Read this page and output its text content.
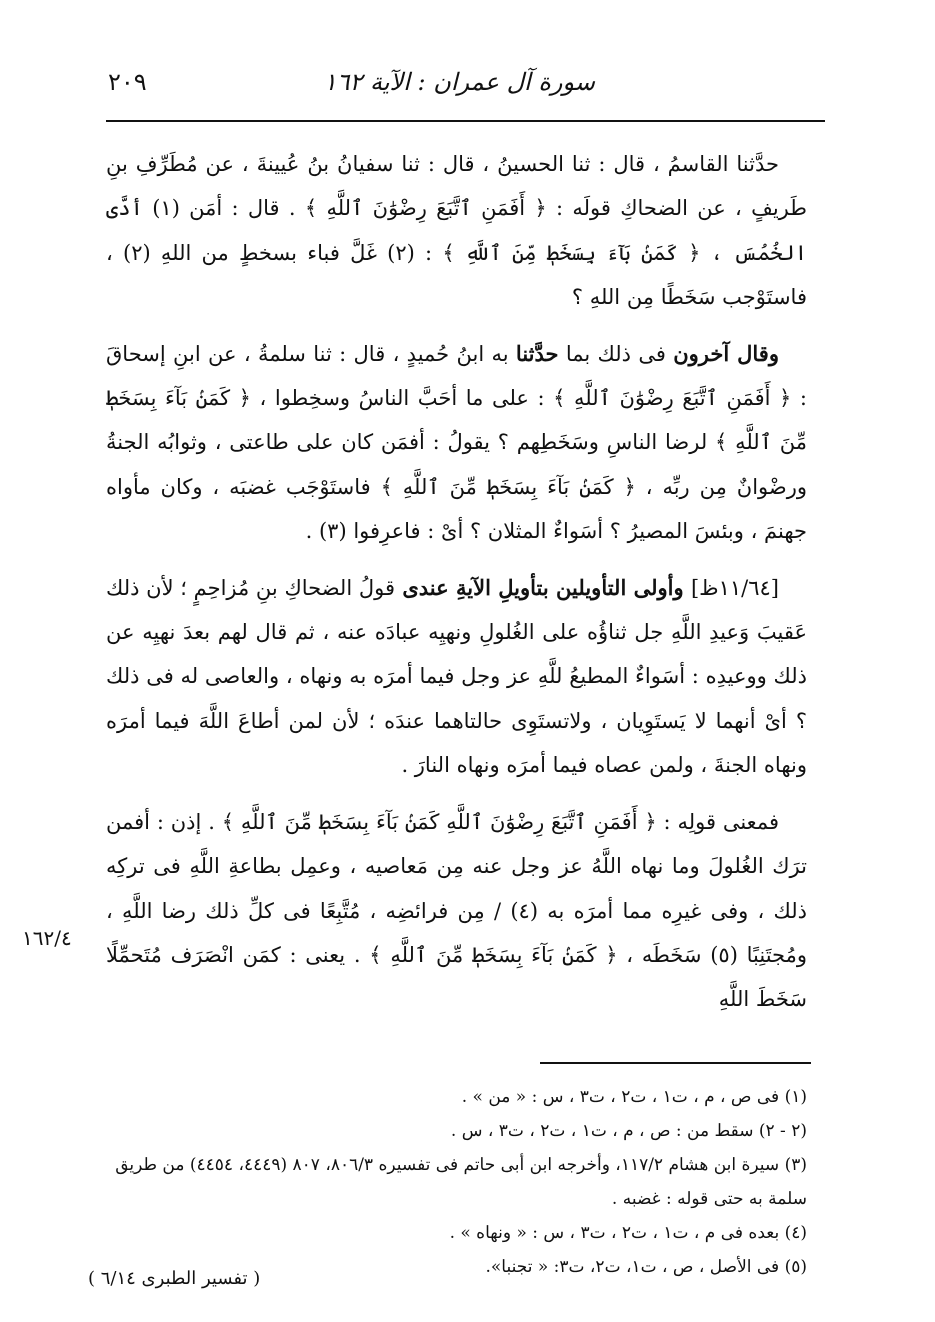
٢٠٩	سورة آل عمران : الآية ١٦٢

حدَّثنا القاسمُ ، قال : ثنا الحسينُ ، قال : ثنا سفيانُ بنُ عُيينةَ ، عن مُطَرِّفِ بنِ طَريفٍ ، عن الضحاكِ قولَه : ﴿ أَفَمَنِ ٱتَّبَعَ رِضْوَٰنَ ٱللَّهِ ﴾ . قال : أمَن (١) أدَّى الخُمُسَ ، ﴿ كَمَنۢ بَآءَ بِسَخَطٖ مِّنَ ٱللَّهِ ﴾ : (٢) غَلَّ فباء بسخطٍ من اللهِ (٢) ، فاستَوْجب سَخَطًا مِن اللهِ ؟

وقال آخرون فى ذلك بما حدَّثنا به ابنُ حُميدٍ ، قال : ثنا سلمةُ ، عن ابنِ إسحاقَ : ﴿ أَفَمَنِ ٱتَّبَعَ رِضْوَٰنَ ٱللَّهِ ﴾ : على ما أحَبَّ الناسُ وسخِطوا ، ﴿ كَمَنۢ بَآءَ بِسَخَطٖ مِّنَ ٱللَّهِ ﴾ لرضا الناسِ وسَخَطِهم ؟ يقولُ : أفمَن كان على طاعتى ، وثوابُه الجنةُ ورضْوانٌ مِن ربِّه ، ﴿ كَمَنۢ بَآءَ بِسَخَطٖ مِّنَ ٱللَّهِ ﴾ فاستَوْجَب غضبَه ، وكان مأواه جهنمَ ، وبئسَ المصيرُ ؟ أسَواءٌ المثلان ؟ أىْ : فاعرِفوا (٣) .

[١١/٦٤ظ] وأولى التأويلين بتأويلِ الآيةِ عندى قولُ الضحاكِ بنِ مُزاحِمٍ ؛ لأن ذلك عَقيبَ وَعيدِ اللَّهِ جل ثناؤُه على الغُلولِ ونهيِه عبادَه عنه ، ثم قال لهم بعدَ نهيِه عن ذلك ووعيدِه : أسَواءٌ المطيعُ للَّهِ عز وجل فيما أمرَه به ونهاه ، والعاصى له فى ذلك ؟ أىْ أنهما لا يَستَوِيان ، ولاتستَوِى حالتاهما عندَه ؛ لأن لمن أطاعَ اللَّهَ فيما أمرَه ونهاه الجنةَ ، ولمن عصاه فيما أمرَه ونهاه النارَ .

فمعنى قولِه : ﴿ أَفَمَنِ ٱتَّبَعَ رِضْوَٰنَ ٱللَّهِ كَمَنۢ بَآءَ بِسَخَطٖ مِّنَ ٱللَّهِ ﴾ . إذن : أفمن ترَك الغُلولَ وما نهاه اللَّهُ عز وجل عنه مِن مَعاصيه ، وعمِل بطاعةِ اللَّهِ فى تركِه ذلك ، وفى غيرِه مما أمرَه به (٤) / مِن فرائضِه ، مُتَّبِعًا فى كلِّ ذلك رضا اللَّهِ ، ومُجتَنِبًا (٥) سَخَطَه ، ﴿ كَمَنۢ بَآءَ بِسَخَطٖ مِّنَ ٱللَّهِ ﴾ . يعنى : كمَن انْصَرَف مُتَحمِّلًا سَخَطَ اللَّهِ

١٦٢/٤
(١) فى ص ، م ، ت١ ، ت٢ ، ت٣ ، س : « من » .
(٢ - ٢) سقط من : ص ، م ، ت١ ، ت٢ ، ت٣ ، س .
(٣) سيرة ابن هشام ١١٧/٢، وأخرجه ابن أبى حاتم فى تفسيره ٨٠٦/٣، ٨٠٧ (٤٤٤٩، ٤٤٥٤) من طريق سلمة به حتى قوله : غضبه .
(٤) بعده فى م ، ت١ ، ت٢ ، ت٣ ، س : « ونهاه » .
(٥) فى الأصل ، ص ، ت١، ت٢، ت٣: « تجنبا».
( تفسير الطبرى ٦/١٤ )
